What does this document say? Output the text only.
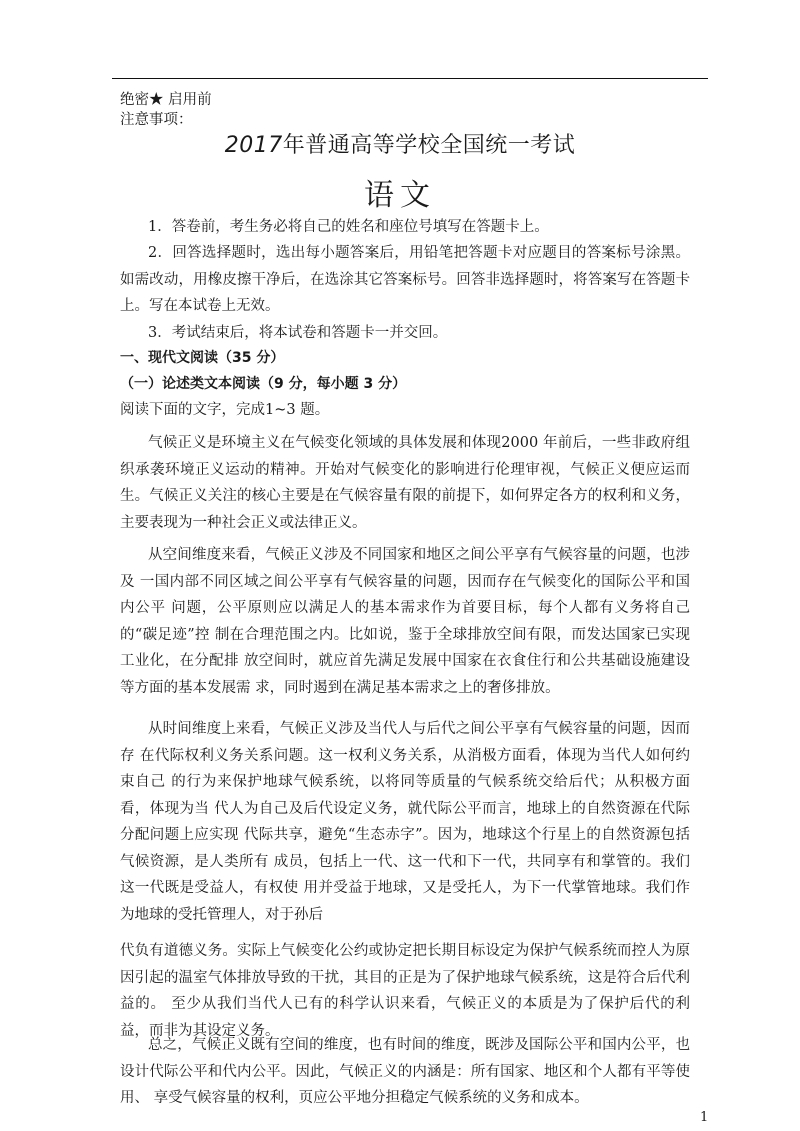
绝密★ 启用前
注意事项：
2017年普通高等学校全国统一考试
语文
1．答卷前，考生务必将自己的姓名和座位号填写在答题卡上。
2．回答选择题时，选出每小题答案后，用铅笔把答题卡对应题目的答案标号涂黑。如需改动，用橡皮擦干净后，在选涂其它答案标号。回答非选择题时，将答案写在答题卡上。写在本试卷上无效。
3．考试结束后，将本试卷和答题卡一并交回。
一、现代文阅读（35 分）
（一）论述类文本阅读（9 分，每小题 3 分）
阅读下面的文字，完成1~3 题。
气候正义是环境主义在气候变化领域的具体发展和体现2000 年前后，一些非政府组织承袭环境正义运动的精神。开始对气候变化的影响进行伦理审视，气候正义便应运而生。气候正义关注的核心主要是在气候容量有限的前提下，如何界定各方的权利和义务，主要表现为一种社会正义或法律正义。
从空间维度来看，气候正义涉及不同国家和地区之间公平享有气候容量的问题，也涉及 一国内部不同区域之间公平享有气候容量的问题，因而存在气候变化的国际公平和国内公平 问题，公平原则应以满足人的基本需求作为首要目标，每个人都有义务将自己的“碳足迹”控 制在合理范围之内。比如说，鉴于全球排放空间有限，而发达国家已实现工业化，在分配排 放空间时，就应首先满足发展中国家在衣食住行和公共基础设施建设等方面的基本发展需 求，同时遏到在满足基本需求之上的奢侈排放。
从时间维度上来看，气候正义涉及当代人与后代之间公平享有气候容量的问题，因而存 在代际权利义务关系问题。这一权利义务关系，从消极方面看，体现为当代人如何约束自己 的行为来保护地球气候系统，以将同等质量的气候系统交给后代；从积极方面看，体现为当 代人为自己及后代设定义务，就代际公平而言，地球上的自然资源在代际分配问题上应实现 代际共享，避免“生态赤字”。因为，地球这个行星上的自然资源包括气候资源，是人类所有 成员，包括上一代、这一代和下一代，共同享有和掌管的。我们这一代既是受益人，有权使 用并受益于地球，又是受托人，为下一代掌管地球。我们作为地球的受托管理人，对于孙后
代负有道德义务。实际上气候变化公约或协定把长期目标设定为保护气候系统而控人为原因引起的温室气体排放导致的干扰，其目的正是为了保护地球气候系统，这是符合后代利益的。 至少从我们当代人已有的科学认识来看，气候正义的本质是为了保护后代的利益，而非为其设定义务。
总之，气候正义既有空间的维度，也有时间的维度，既涉及国际公平和国内公平，也设计代际公平和代内公平。因此，气候正义的内涵是：所有国家、地区和个人都有平等使用、 享受气候容量的权利，页应公平地分担稳定气候系统的义务和成本。
1
